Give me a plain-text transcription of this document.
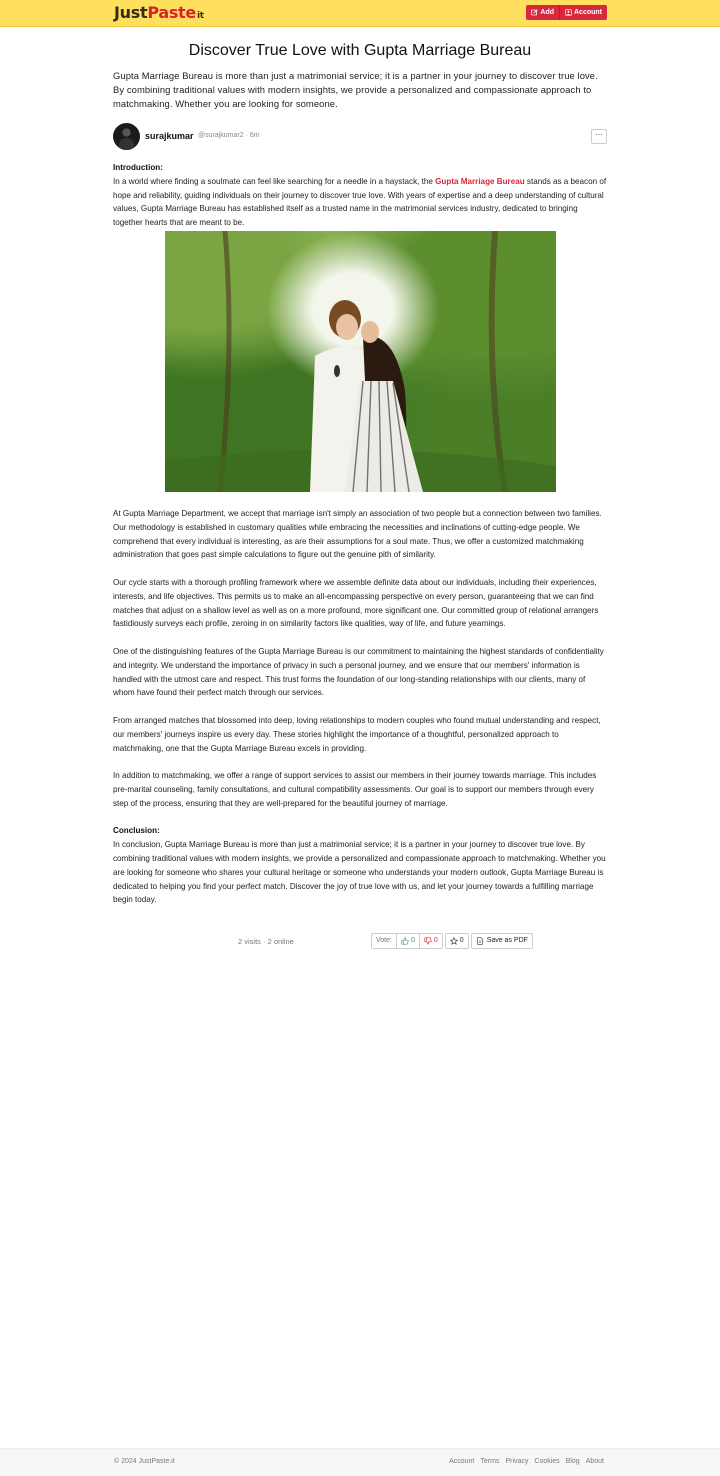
JustPasteit	Add	Account
Discover True Love with Gupta Marriage Bureau

Gupta Marriage Bureau is more than just a matrimonial service; it is a partner in your journey to discover true love. By combining traditional values with modern insights, we provide a personalized and compassionate approach to matchmaking. Whether you are looking for someone.

surajkumar @surajkumar2 · 6m	···

Introduction:

In a world where finding a soulmate can feel like searching for a needle in a haystack, the Gupta Marriage Bureau stands as a beacon of hope and reliability, guiding individuals on their journey to discover true love. With years of expertise and a deep understanding of cultural values, Gupta Marriage Bureau has established itself as a trusted name in the matrimonial services industry, dedicated to bringing together hearts that are meant to be.

At Gupta Marriage Department, we accept that marriage isn't simply an association of two people but a connection between two families. Our methodology is established in customary qualities while embracing the necessities and inclinations of cutting-edge people. We comprehend that every individual is interesting, as are their assumptions for a soul mate. Thus, we offer a customized matchmaking administration that goes past simple calculations to figure out the genuine pith of similarity.

Our cycle starts with a thorough profiling framework where we assemble definite data about our individuals, including their experiences, interests, and life objectives. This permits us to make an all-encompassing perspective on every person, guaranteeing that we can find matches that adjust on a shallow level as well as on a more profound, more significant one. Our committed group of relational arrangers fastidiously surveys each profile, zeroing in on similarity factors like qualities, way of life, and future yearnings.

One of the distinguishing features of the Gupta Marriage Bureau is our commitment to maintaining the highest standards of confidentiality and integrity. We understand the importance of privacy in such a personal journey, and we ensure that our members' information is handled with the utmost care and respect. This trust forms the foundation of our long-standing relationships with our clients, many of whom have found their perfect match through our services.

From arranged matches that blossomed into deep, loving relationships to modern couples who found mutual understanding and respect, our members' journeys inspire us every day. These stories highlight the importance of a thoughtful, personalized approach to matchmaking, one that the Gupta Marriage Bureau excels in providing.

In addition to matchmaking, we offer a range of support services to assist our members in their journey towards marriage. This includes pre-marital counseling, family consultations, and cultural compatibility assessments. Our goal is to support our members through every step of the process, ensuring that they are well-prepared for the beautiful journey of marriage.

Conclusion:

In conclusion, Gupta Marriage Bureau is more than just a matrimonial service; it is a partner in your journey to discover true love. By combining traditional values with modern insights, we provide a personalized and compassionate approach to matchmaking. Whether you are looking for someone who shares your cultural heritage or someone who understands your modern outlook, Gupta Marriage Bureau is dedicated to helping you find your perfect match. Discover the joy of true love with us, and let your journey towards a fulfilling marriage begin today.

2 visits · 2 online	Vote:	0	0	0	Save as PDF
© 2024 JustPaste.it	Account Terms Privacy Cookies Blog About
